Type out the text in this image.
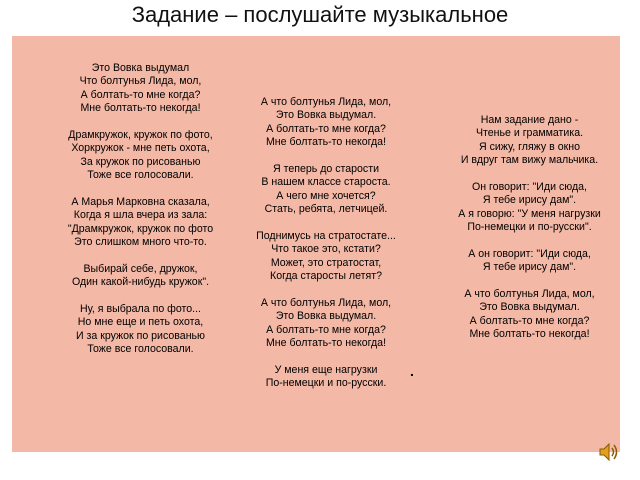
Задание – послушайте музыкальное
Это Вовка выдумал
Что болтунья Лида, мол,
А болтать-то мне когда?
Мне болтать-то некогда!
Драмкружок, кружок по фото,
Хоркружок - мне петь охота,
За кружок по рисованью
Тоже все голосовали.
А Марья Марковна сказала,
Когда я шла вчера из зала:
"Драмкружок, кружок по фото
Это слишком много что-то.
Выбирай себе, дружок,
Один какой-нибудь кружок".
Ну, я выбрала по фото...
Но мне еще и петь охота,
И за кружок по рисованью
Тоже все голосовали.
А что болтунья Лида, мол,
Это Вовка выдумал.
А болтать-то мне когда?
Мне болтать-то некогда!
Я теперь до старости
В нашем классе староста.
А чего мне хочется?
Стать, ребята, летчицей.
Поднимусь на стратостате...
Что такое это, кстати?
Может, это стратостат,
Когда старосты летят?
А что болтунья Лида, мол,
Это Вовка выдумал.
А болтать-то мне когда?
Мне болтать-то некогда!
У меня еще нагрузки
По-немецки и по-русски.
Нам задание дано -
Чтенье и грамматика.
Я сижу, гляжу в окно
И вдруг там вижу мальчика.
Он говорит: "Иди сюда,
Я тебе ирису дам".
А я говорю: "У меня нагрузки
По-немецки и по-русски".
А он говорит: "Иди сюда,
Я тебе ирису дам".
А что болтунья Лида, мол,
Это Вовка выдумал.
А болтать-то мне когда?
Мне болтать-то некогда!
.
